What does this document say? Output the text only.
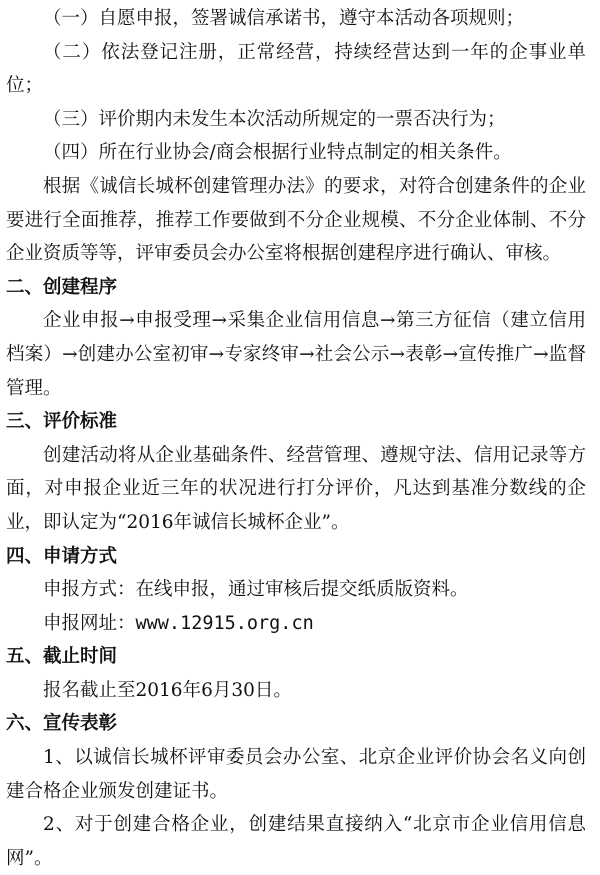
（一）自愿申报，签署诚信承诺书，遵守本活动各项规则；

（二）依法登记注册，正常经营，持续经营达到一年的企事业单位；

（三）评价期内未发生本次活动所规定的一票否决行为；

（四）所在行业协会/商会根据行业特点制定的相关条件。

根据《诚信长城杯创建管理办法》的要求，对符合创建条件的企业要进行全面推荐，推荐工作要做到不分企业规模、不分企业体制、不分企业资质等等，评审委员会办公室将根据创建程序进行确认、审核。

二、创建程序

企业申报→申报受理→采集企业信用信息→第三方征信（建立信用档案）→创建办公室初审→专家终审→社会公示→表彰→宣传推广→监督管理。

三、评价标准

创建活动将从企业基础条件、经营管理、遵规守法、信用记录等方面，对申报企业近三年的状况进行打分评价，凡达到基准分数线的企业，即认定为“2016年诚信长城杯企业”。

四、申请方式

申报方式：在线申报，通过审核后提交纸质版资料。

申报网址：www.12915.org.cn

五、截止时间

报名截止至2016年6月30日。

六、宣传表彰

1、以诚信长城杯评审委员会办公室、北京企业评价协会名义向创建合格企业颁发创建证书。

2、对于创建合格企业，创建结果直接纳入“北京市企业信用信息网”。
